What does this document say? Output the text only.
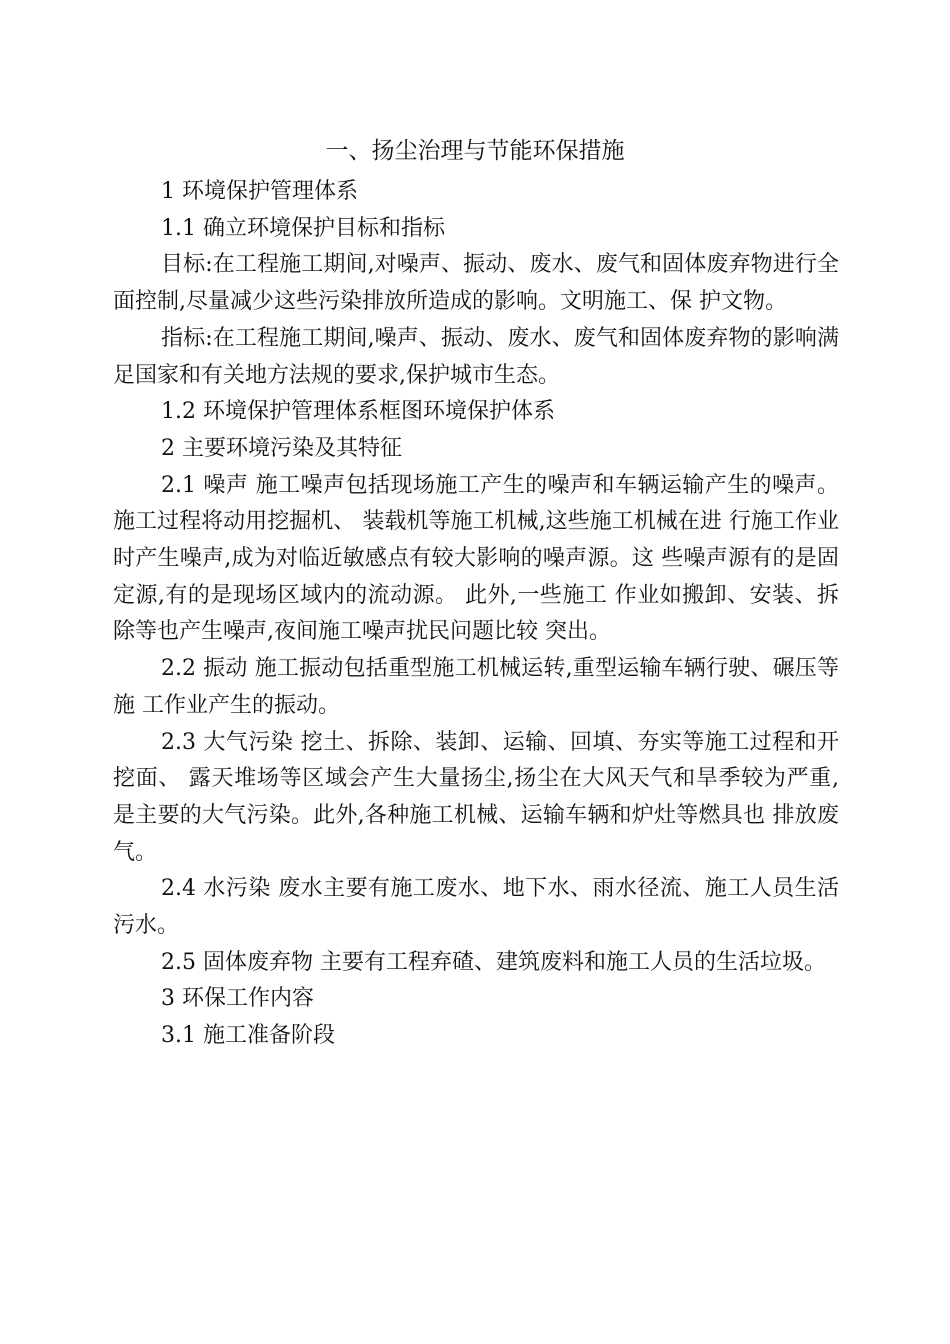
一、扬尘治理与节能环保措施

1 环境保护管理体系

1.1 确立环境保护目标和指标

目标:在工程施工期间,对噪声、振动、废水、废气和固体废弃物进行全面控制,尽量减少这些污染排放所造成的影响。文明施工、保 护文物。

指标:在工程施工期间,噪声、振动、废水、废气和固体废弃物的影响满足国家和有关地方法规的要求,保护城市生态。

1.2 环境保护管理体系框图环境保护体系

2 主要环境污染及其特征

2.1 噪声 施工噪声包括现场施工产生的噪声和车辆运输产生的噪声。 施工过程将动用挖掘机、 装载机等施工机械,这些施工机械在进 行施工作业时产生噪声,成为对临近敏感点有较大影响的噪声源。这 些噪声源有的是固定源,有的是现场区域内的流动源。 此外,一些施工 作业如搬卸、安装、拆除等也产生噪声,夜间施工噪声扰民问题比较 突出。

2.2 振动 施工振动包括重型施工机械运转,重型运输车辆行驶、碾压等施 工作业产生的振动。

2.3 大气污染 挖土、拆除、装卸、运输、回填、夯实等施工过程和开挖面、 露天堆场等区域会产生大量扬尘,扬尘在大风天气和旱季较为严重, 是主要的大气污染。此外,各种施工机械、运输车辆和炉灶等燃具也 排放废气。

2.4 水污染 废水主要有施工废水、地下水、雨水径流、施工人员生活污水。

2.5 固体废弃物 主要有工程弃碴、建筑废料和施工人员的生活垃圾。

3 环保工作内容

3.1 施工准备阶段
